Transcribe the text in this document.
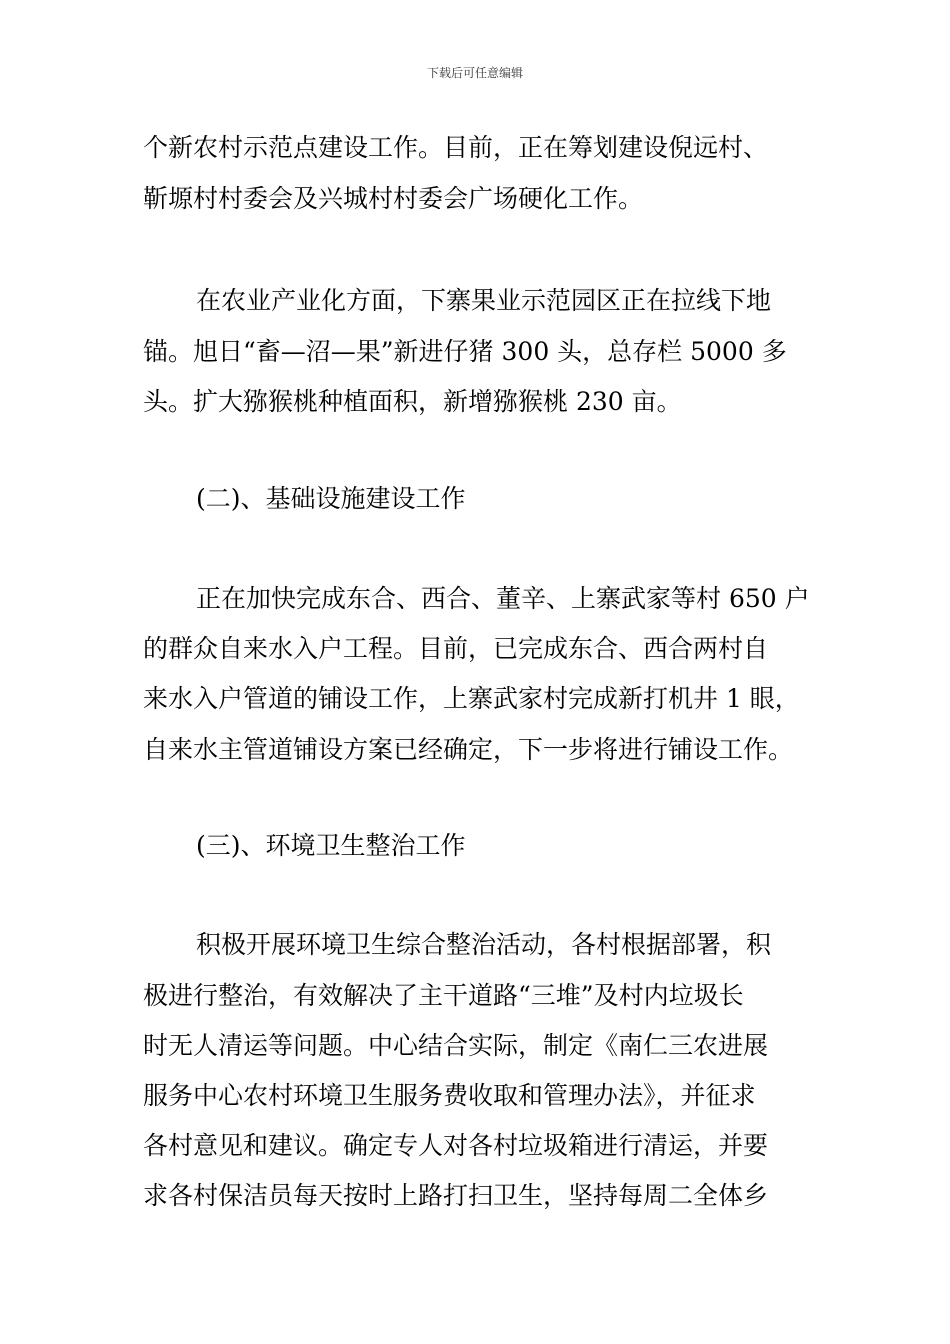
下载后可任意编辑
个新农村示范点建设工作。目前，正在筹划建设倪远村、
靳塬村村委会及兴城村村委会广场硬化工作。
在农业产业化方面，下寨果业示范园区正在拉线下地
锚。旭日“畜—沼—果”新进仔猪 300 头，总存栏 5000 多
头。扩大猕猴桃种植面积，新增猕猴桃 230 亩。
(二)、基础设施建设工作
正在加快完成东合、西合、董辛、上寨武家等村 650 户
的群众自来水入户工程。目前，已完成东合、西合两村自
来水入户管道的铺设工作，上寨武家村完成新打机井 1 眼，
自来水主管道铺设方案已经确定，下一步将进行铺设工作。
(三)、环境卫生整治工作
积极开展环境卫生综合整治活动，各村根据部署，积
极进行整治，有效解决了主干道路“三堆”及村内垃圾长
时无人清运等问题。中心结合实际，制定《南仁三农进展
服务中心农村环境卫生服务费收取和管理办法》，并征求
各村意见和建议。确定专人对各村垃圾箱进行清运，并要
求各村保洁员每天按时上路打扫卫生，坚持每周二全体乡
